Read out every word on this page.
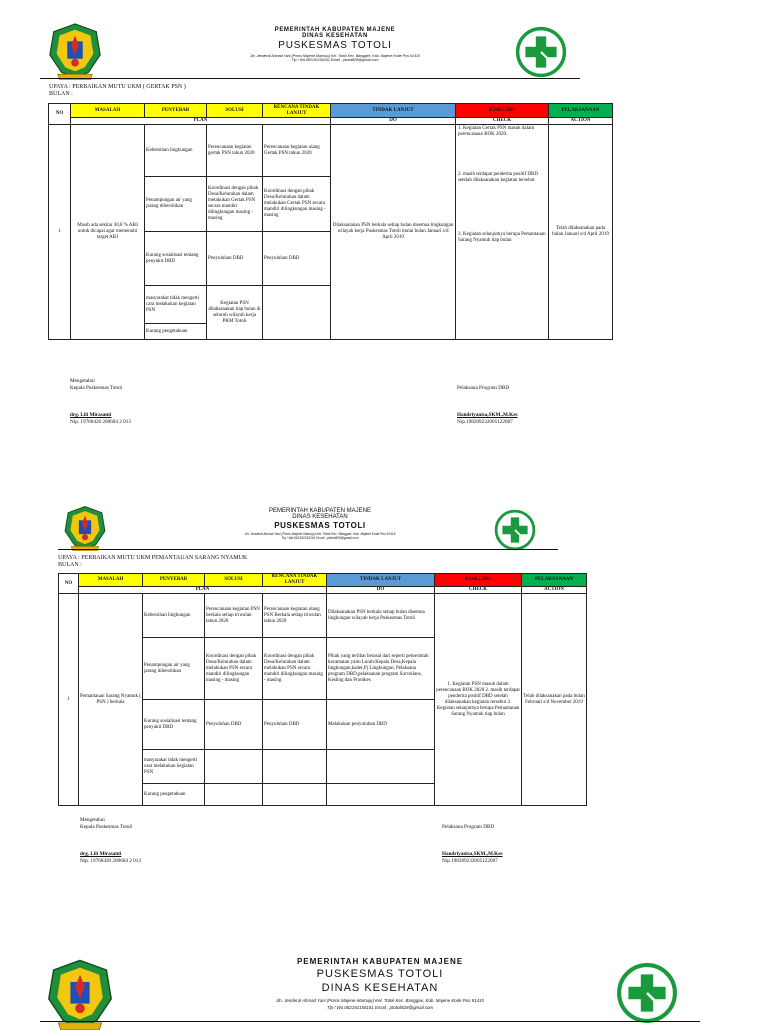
PEMERINTAH KABUPATEN MAJENE
DINAS KESEHATAN
PUSKESMAS TOTOLI
Jln. Jenderal Ahmad Yani (Poros Majene-Mamuju) Kel. Totoli Kec. Banggae, Kab. Majene Kode Pos 91415
Tlp / Wa 082192156161 Email : ptotoli828@gmail.com
UPAYA : PERBAIKAN MUTU UKM ( GERTAK PSN )
BULAN :
NO	MASALAH	PENYEBAB	SOLUSI	RENCANA TINDAK LANJUT	TINDAK LANJUT	EVALUASI	PELAKSANAAN
	PLAN				DO	CHECK	ACTION
1	Masih ada sekitar 30,8 % ABJ untuk dicapai agar memenuhi target ABJ	Kebersihan lingkungan	Perencanaan kegiatan gertak PSN tahun 2020	Perencanaan kegiatan ulang Gertak PSN tahun 2020	Dilaksanakan PSN berkala setiap bulan disemua lingkungan wilayah kerja Puskesmas Totoli mulai bulan Januari s/d April 2019	1. Kegiatan Gertak PSN masuk dalam perencanaan BOK 2020.
2. masih terdapat penderita positif DBD setelah dilaksanakan kegiatan tersebut
3. Kegiatan selanjutnya berupa Pemantauan Sarang Nyamuk tiap bulan	Telah dilaksanakan pada bulan Januari s/d April 2019
		Penampungan air yang jarang dibersihkan	Koordinasi dengan pihak Desa/Kelurahan dalam melakukan Gertak PSN secara mandiri dilingkungan masing - masing	Koordinasi dengan pihak Desa/Kelurahan dalam melakukan Gertak PSN secara mandiri dilingkungan masing - masing			
		Kurang sosialisasi tentang penyakit DBD	Penyuluhan DBD	Penyuluhan DBD			
		masyarakat tidak mengerti cara melakukan kegiatan PSN	Kegiatan PSN dilaksanakan tiap bulan di seluruh wilayah kerja PKM Totoli				
		Kurang pengetahuan					
Mengetahui
Kepala Puskesmas Totoli
drg. Lili Mirasanti
Nip. 19760420 200604 2 013
Pelaksana Program DBD
Handriyanisa,SKM.,M.Kes
Nip.198209232005122007
PEMERINTAH KABUPATEN MAJENE
DINAS KESEHATAN
PUSKESMAS TOTOLI
Jln. Jenderal Ahmad Yani (Poros Majene-Mamuju) Kel. Totoli Kec. Banggae, Kab. Majene Kode Pos 91415
Tlp / Wa 082192156161 Email : ptotoli828@gmail.com
UPAYA : PERBAIKAN MUTU UKM PEMANTAUAN SARANG NYAMUK
BULAN :
NO	MASALAH	PENYEBAB	SOLUSI	RENCANA TINDAK LANJUT	TINDAK LANJUT	EVALUASI	PELAKSANAAN
	PLAN				DO	CHECK	ACTION
1	Pemantauan Sarang Nyamuk ( PSN ) berkala	Kebersihan lingkungan	Perencanaan kegiatan PSN berkala setiap triwulan tahun 2020	Perencanaan kegiatan ulang PSN Berkala setiap triwulan tahun 2020	Dilaksanakan PSN berkala setiap bulan disemua lingkungan wilayah kerja Puskesmas Totoli	1. Kegiatan PSN masuk dalam perencanaan BOK 2020 2. masih terdapat penderita positif DBD setelah dilaksanakan kegiatan tersebut 3. Kegiatan selanjutnya berupa Pemantauan Sarang Nyamuk tiap bulan	Telah dilaksanakan pada bulan Februari s/d November 2019
		Penampungan air yang jarang dibersihkan	Koordinasi dengan pihak Desa/Kelurahan dalam melakukan PSN secara mandiri dilingkungan masing - masing	Koordinasi dengan pihak Desa/Kelurahan dalam melakukan PSN secara mandiri dilingkungan masing - masing	Pihak yang terlibat berasal dari seperti pemerintah kecamatan yaitu Lurah/Kepala Desa,Kepala lingkungan,kader,Pj Lingkungan, Pelaksana program DBD,pelaksanan program Surveilans, Kesling dan Promkes		
		Kurang sosialisasi tentang penyakit DBD	Penyuluhan DBD	Penyuluhan DBD	Melakukan penyuluhan DBD		
		masyarakat tidak mengerti cara melakukan kegiatan PSN					
		Kurang pengetahuan					
Mengetahui
Kepala Puskesmas Totoli
drg. Lili Mirasanti
Nip. 19760420 200604 2 013
Pelaksana Program DBD
Handriyanisa,SKM.,M.Kes
Nip.198209232005122007
PEMERINTAH KABUPATEN MAJENE
PUSKESMAS TOTOLI
DINAS KESEHATAN
Jln. Jenderal Ahmad Yani (Poros Majene-Mamuju) Kel. Totoli Kec. Banggae, Kab. Majene Kode Pos 91415
Tlp / Wa 082192156161 Email : ptotoli828@gmail.com
